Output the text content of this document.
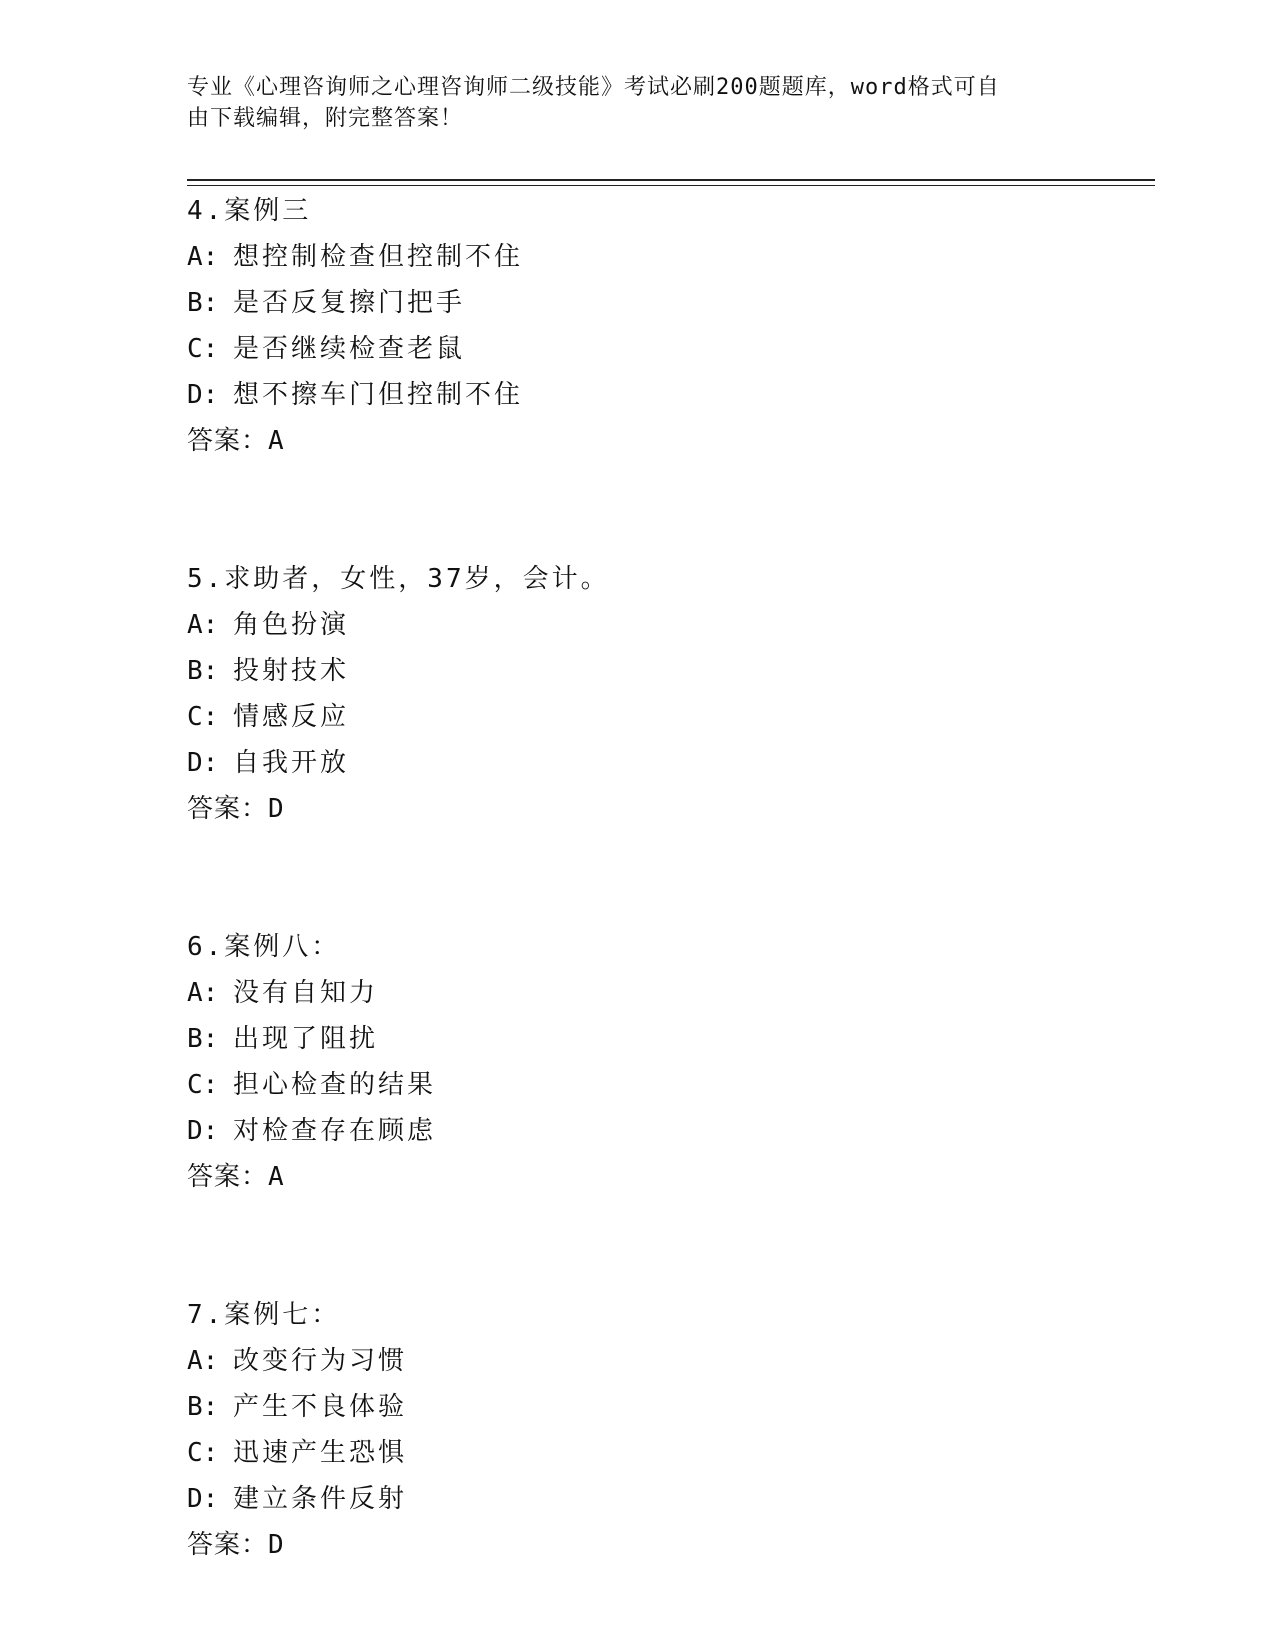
专业《心理咨询师之心理咨询师二级技能》考试必刷200题题库，word格式可自
由下载编辑，附完整答案！
4.案例三
A: 想控制检查但控制不住
B: 是否反复擦门把手
C: 是否继续检查老鼠
D: 想不擦车门但控制不住
答案：A
5.求助者，女性，37岁，会计。
A: 角色扮演
B: 投射技术
C: 情感反应
D: 自我开放
答案：D
6.案例八：
A: 没有自知力
B: 出现了阻扰
C: 担心检查的结果
D: 对检查存在顾虑
答案：A
7.案例七：
A: 改变行为习惯
B: 产生不良体验
C: 迅速产生恐惧
D: 建立条件反射
答案：D
